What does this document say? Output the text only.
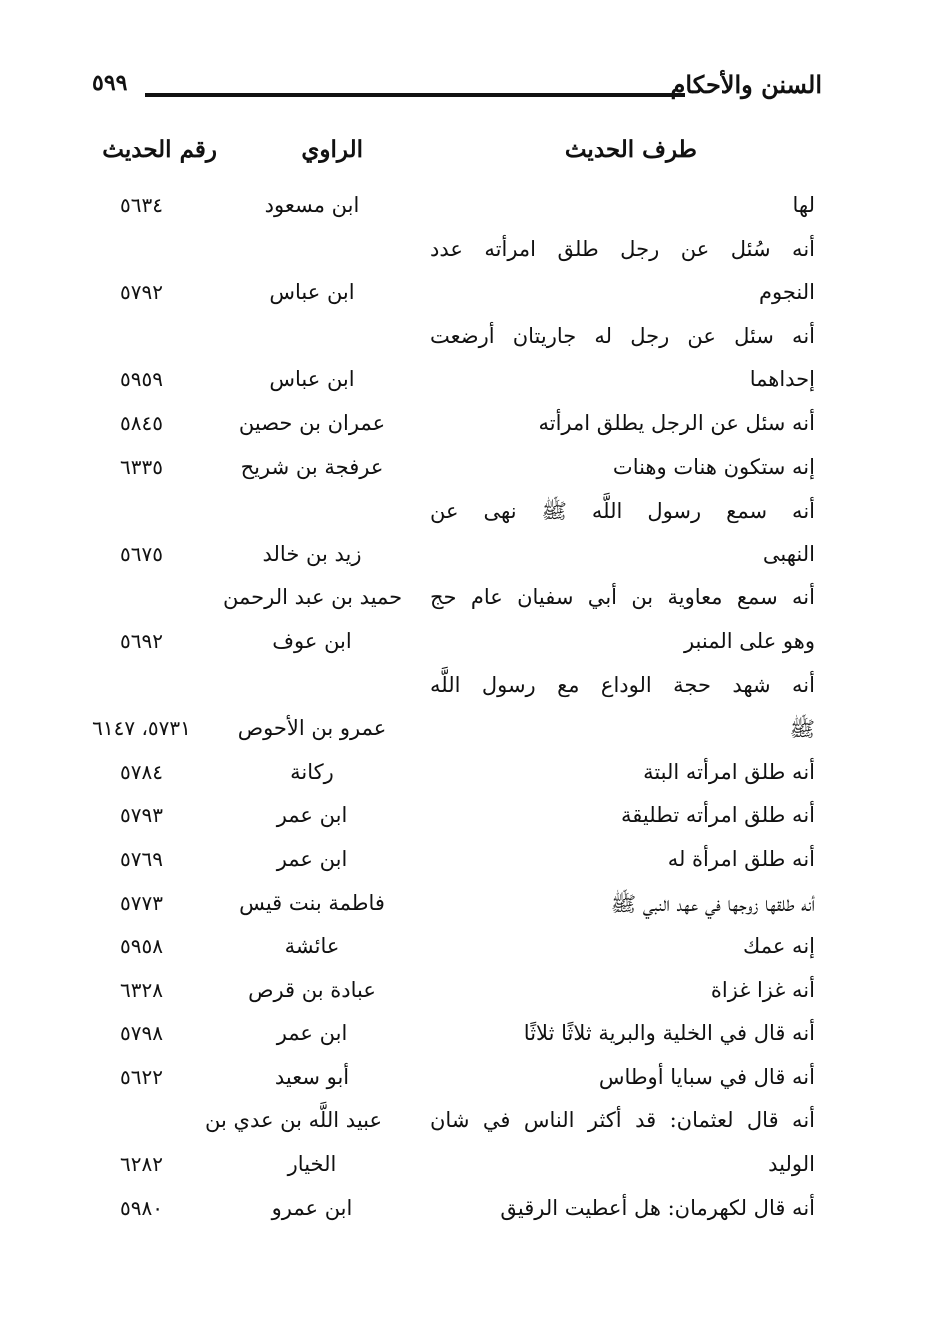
السنن والأحكام
٥٩٩
طرف الحديث
الراوي
رقم الحديث
لها
ابن مسعود
٥٦٣٤
أنه سُئل عن رجل طلق امرأته عدد
النجوم
ابن عباس
٥٧٩٢
أنه سئل عن رجل له جاريتان أرضعت
إحداهما
ابن عباس
٥٩٥٩
أنه سئل عن الرجل يطلق امرأته
عمران بن حصين
٥٨٤٥
إنه ستكون هنات وهنات
عرفجة بن شريح
٦٣٣٥
أنه سمع رسول اللَّه ﷺ نهى عن
النهبى
زيد بن خالد
٥٦٧٥
أنه سمع معاوية بن أبي سفيان عام حج
حميد بن عبد الرحمن
وهو على المنبر
ابن عوف
٥٦٩٢
أنه شهد حجة الوداع مع رسول اللَّه
ﷺ
عمرو بن الأحوص
٥٧٣١، ٦١٤٧
أنه طلق امرأته البتة
ركانة
٥٧٨٤
أنه طلق امرأته تطليقة
ابن عمر
٥٧٩٣
أنه طلق امرأة له
ابن عمر
٥٧٦٩
أنه طلقها زوجها في عهد النبي ﷺ
فاطمة بنت قيس
٥٧٧٣
إنه عمك
عائشة
٥٩٥٨
أنه غزا غزاة
عبادة بن قرص
٦٣٢٨
أنه قال في الخلية والبرية ثلاثًا ثلاثًا
ابن عمر
٥٧٩٨
أنه قال في سبايا أوطاس
أبو سعيد
٥٦٢٢
أنه قال لعثمان: قد أكثر الناس في شان
عبيد اللَّه بن عدي بن
الوليد
الخيار
٦٢٨٢
أنه قال لكهرمان: هل أعطيت الرقيق
ابن عمرو
٥٩٨٠
